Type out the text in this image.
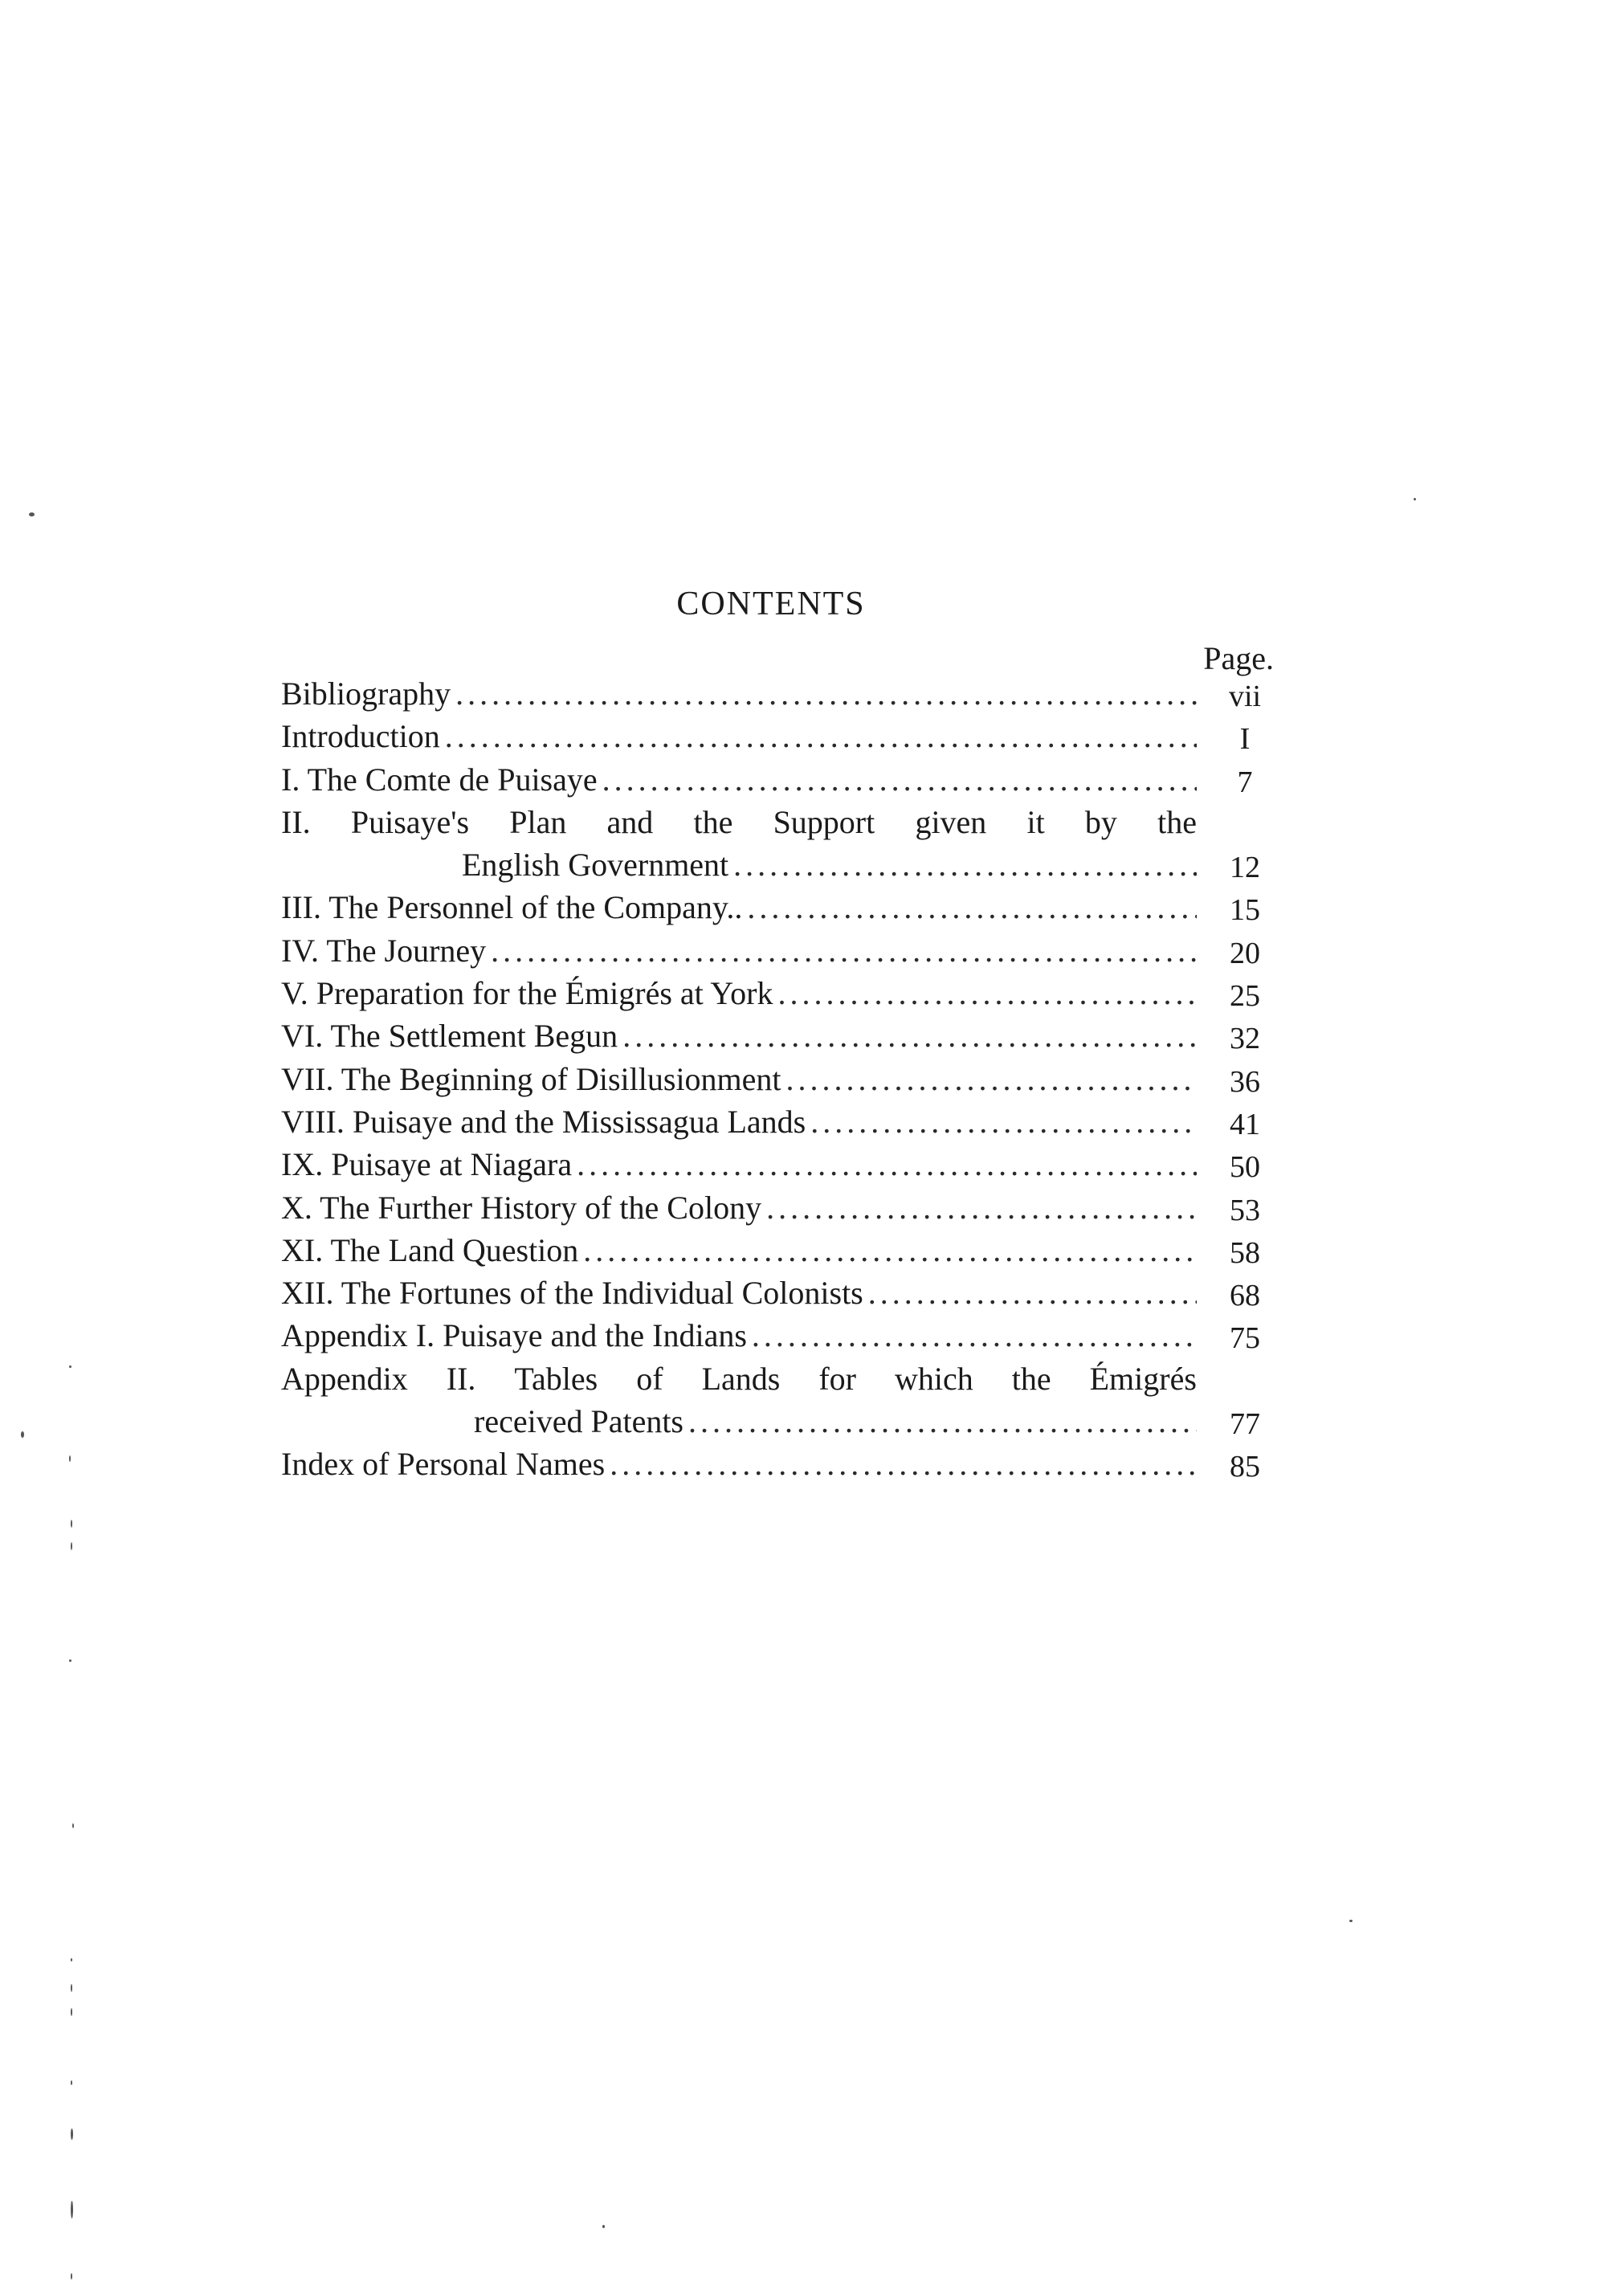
CONTENTS
Page.
Bibliography .....	vii
Introduction .....	I
I. The Comte de Puisaye .....	7
II. Puisaye's Plan and the Support given it by the
English Government .....	12
III. The Personnel of the Company.. .....	15
IV. The Journey .....	20
V. Preparation for the Émigrés at York .....	25
VI. The Settlement Begun .....	32
VII. The Beginning of Disillusionment .....	36
VIII. Puisaye and the Mississagua Lands .....	41
IX. Puisaye at Niagara .....	50
X. The Further History of the Colony .....	53
XI. The Land Question .....	58
XII. The Fortunes of the Individual Colonists .....	68
Appendix I. Puisaye and the Indians .....	75
Appendix II. Tables of Lands for which the Émigrés
received Patents .....	77
Index of Personal Names .....	85
